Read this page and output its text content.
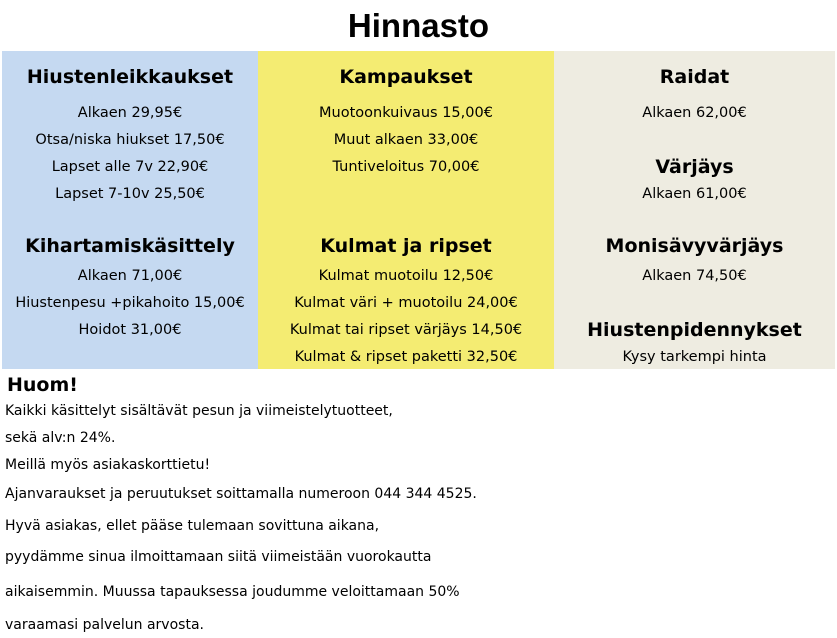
Hinnasto
Hiustenleikkaukset
Alkaen 29,95€
Otsa/niska hiukset 17,50€
Lapset alle 7v 22,90€
Lapset 7-10v 25,50€
Kihartamiskäsittely
Alkaen 71,00€
Hiustenpesu +pikahoito 15,00€
Hoidot 31,00€
Kampaukset
Muotoonkuivaus 15,00€
Muut alkaen 33,00€
Tuntiveloitus 70,00€
Kulmat ja ripset
Kulmat muotoilu 12,50€
Kulmat väri + muotoilu 24,00€
Kulmat tai ripset värjäys 14,50€
Kulmat & ripset paketti 32,50€
Raidat
Alkaen 62,00€
Värjäys
Alkaen 61,00€
Monisävyvärjäys
Alkaen 74,50€
Hiustenpidennykset
Kysy tarkempi hinta
Huom!
Kaikki käsittelyt sisältävät pesun ja viimeistelytuotteet,
sekä alv:n 24%.
Meillä myös asiakaskorttietu!
Ajanvaraukset ja peruutukset soittamalla numeroon 044 344 4525.
Hyvä asiakas, ellet pääse tulemaan sovittuna aikana,
pyydämme sinua ilmoittamaan siitä viimeistään vuorokautta
aikaisemmin. Muussa tapauksessa joudumme veloittamaan 50%
varaamasi palvelun arvosta.
